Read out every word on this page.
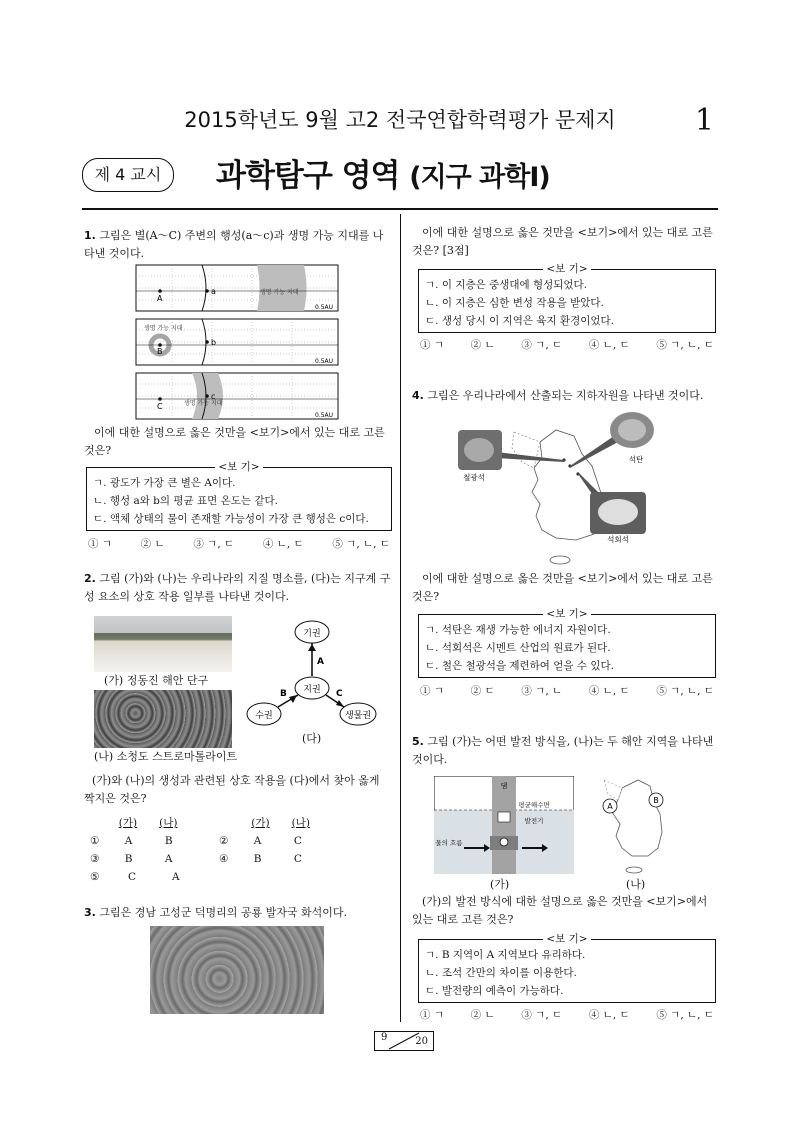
2015학년도 9월 고2 전국연합학력평가 문제지	1
제 4 교시	과학탐구 영역 (지구 과학Ⅰ)
1. 그림은 별(A～C) 주변의 행성(a～c)과 생명 가능 지대를 나타낸 것이다.
A
a	생명 가능 지대
0.5AU
B
b
생명 가능 지대
0.5AU
C
c
생명 가능 지대
0.5AU
이에 대한 설명으로 옳은 것만을 <보기>에서 있는 대로 고른 것은?
<보 기>
ㄱ. 광도가 가장 큰 별은 A이다.
ㄴ. 행성 a와 b의 평균 표면 온도는 같다.
ㄷ. 액체 상태의 물이 존재할 가능성이 가장 큰 행성은 c이다.
① ㄱ	② ㄴ	③ ㄱ, ㄷ	④ ㄴ, ㄷ	⑤ ㄱ, ㄴ, ㄷ
2. 그림 (가)와 (나)는 우리나라의 지질 명소를, (다)는 지구계 구성 요소의 상호 작용 일부를 나타낸 것이다.
(가) 정동진 해안 단구
(나) 소청도 스트로마톨라이트
기권
지권
수권	생물권
A
B	C
(다)
(가)와 (나)의 생성과 관련된 상호 작용을 (다)에서 찾아 옳게 짝지은 것은?
(가)	(나)	(가)	(나)
①	A	B	②	A	C
③	B	A	④	B	C
⑤	C	A
3. 그림은 경남 고성군 덕명리의 공룡 발자국 화석이다.
이에 대한 설명으로 옳은 것만을 <보기>에서 있는 대로 고른 것은? [3점]
<보 기>
ㄱ. 이 지층은 중생대에 형성되었다.
ㄴ. 이 지층은 심한 변성 작용을 받았다.
ㄷ. 생성 당시 이 지역은 육지 환경이었다.
① ㄱ	② ㄴ	③ ㄱ, ㄷ	④ ㄴ, ㄷ	⑤ ㄱ, ㄴ, ㄷ
4. 그림은 우리나라에서 산출되는 지하자원을 나타낸 것이다.
철광석
석탄
석회석
이에 대한 설명으로 옳은 것만을 <보기>에서 있는 대로 고른 것은?
<보 기>
ㄱ. 석탄은 재생 가능한 에너지 자원이다.
ㄴ. 석회석은 시멘트 산업의 원료가 된다.
ㄷ. 철은 철광석을 제련하여 얻을 수 있다.
① ㄱ	② ㄷ	③ ㄱ, ㄴ	④ ㄴ, ㄷ	⑤ ㄱ, ㄴ, ㄷ
5. 그림 (가)는 어떤 발전 방식을, (나)는 두 해안 지역을 나타낸 것이다.
댐
평균해수면
발전기
물의 흐름
A
B
(가)	(나)
(가)의 발전 방식에 대한 설명으로 옳은 것만을 <보기>에서 있는 대로 고른 것은?
<보 기>
ㄱ. B 지역이 A 지역보다 유리하다.
ㄴ. 조석 간만의 차이를 이용한다.
ㄷ. 발전량의 예측이 가능하다.
① ㄱ	② ㄴ	③ ㄱ, ㄷ	④ ㄴ, ㄷ	⑤ ㄱ, ㄴ, ㄷ
9	20
